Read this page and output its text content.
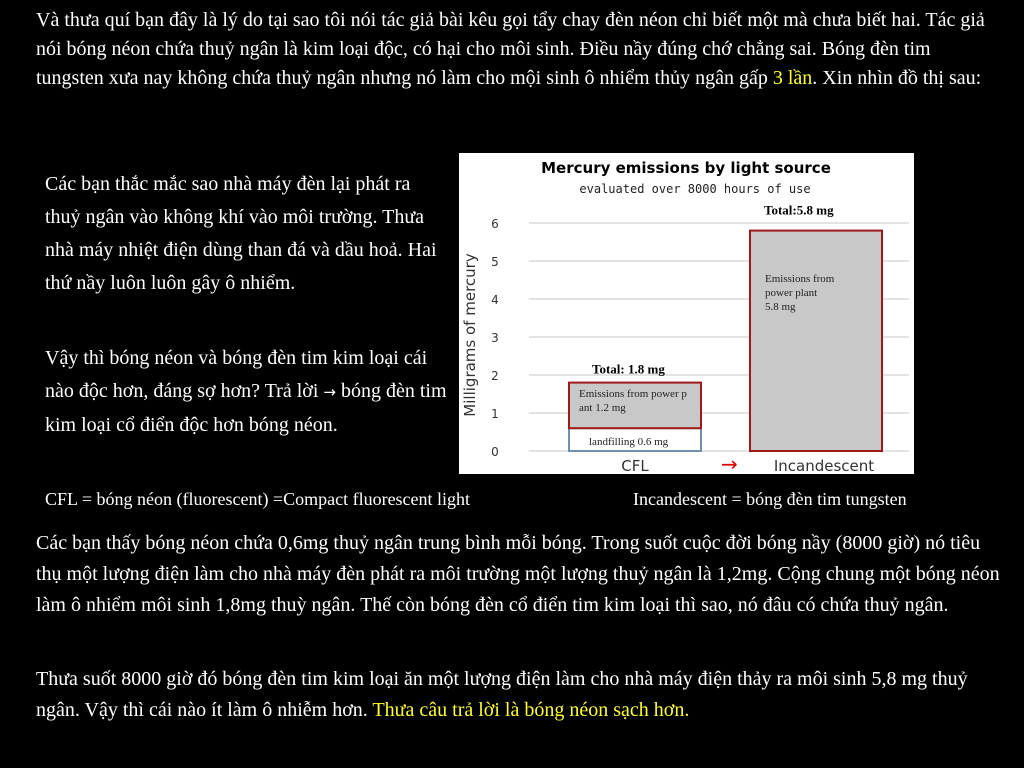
Và thưa quí bạn đây là lý do tại sao tôi nói tác giả bài kêu gọi tẩy chay đèn néon chỉ biết một mà chưa biết hai. Tác giả nói bóng néon chứa thuỷ ngân là kim loại độc, có hại cho môi sinh. Điều nầy đúng chớ chẳng sai. Bóng đèn tim tungsten xưa nay không chứa thuỷ ngân nhưng nó làm cho mội sinh ô nhiểm thủy ngân gấp 3 lần. Xin nhìn đồ thị sau:

Các bạn thắc mắc sao nhà máy đèn lại phát ra thuỷ ngân vào không khí vào môi trường. Thưa nhà máy nhiệt điện dùng than đá và dầu hoả. Hai thứ nầy luôn luôn gây ô nhiểm.

Vậy thì bóng néon và bóng đèn tim kim loại cái nào độc hơn, đáng sợ hơn? Trả lời → bóng đèn tim kim loại cổ điển độc hơn bóng néon.

0
1
2
3
4
5
6
Mercury emissions by light source
evaluated over 8000 hours of use
Milligrams of mercury
CFL
Total: 1.8 mg
Incandescent
Total:5.8 mg
landfilling 0.6 mg
Emissions from power p ant 1.2 mg
Emissions from power plant 5.8 mg
→
CFL = bóng néon (fluorescent) =Compact fluorescent light	Incandescent = bóng đèn tim tungsten

Các bạn thấy bóng néon chứa 0,6mg thuỷ ngân trung bình mỗi bóng. Trong suốt cuộc đời bóng nầy (8000 giờ) nó tiêu thụ một lượng điện làm cho nhà máy đèn phát ra môi trường một lượng thuỷ ngân là 1,2mg. Cộng chung một bóng néon làm ô nhiểm môi sinh 1,8mg thuỳ ngân. Thế còn bóng đèn cổ điển tim kim loại thì sao, nó đâu có chứa thuỷ ngân.

Thưa suốt 8000 giờ đó bóng đèn tim kim loại ăn một lượng điện làm cho nhà máy điện thảy ra môi sinh 5,8 mg thuỷ ngân. Vậy thì cái nào ít làm ô nhiễm hơn. Thưa câu trả lời là bóng néon sạch hơn.
